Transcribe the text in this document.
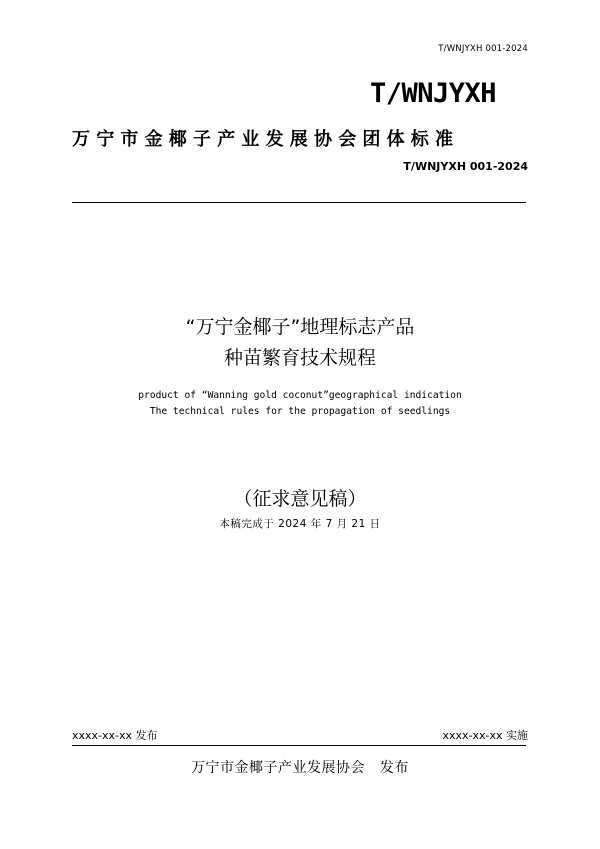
T/WNJYXH 001-2024
T/WNJYXH
万宁市金椰子产业发展协会团体标准
T/WNJYXH 001-2024
“万宁金椰子”地理标志产品
种苗繁育技术规程
product of “Wanning gold coconut”geographical indication
The technical rules for the propagation of seedlings
（征求意见稿）
本稿完成于 2024 年 7 月 21 日
xxxx-xx-xx 发布	xxxx-xx-xx 实施
万宁市金椰子产业发展协会   发布
